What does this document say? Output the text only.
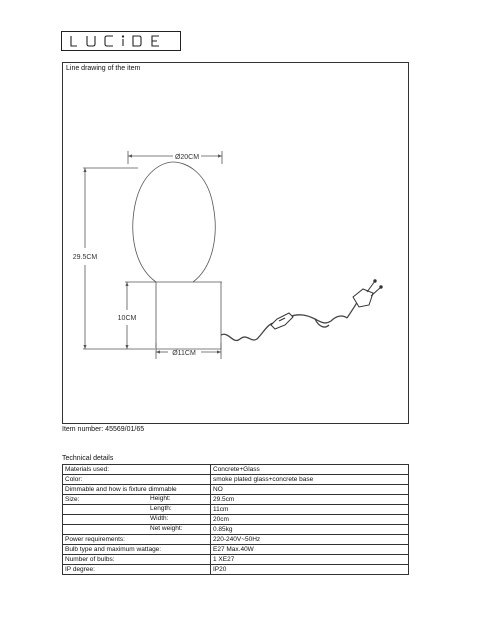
Line drawing of the item
Ø20CM
29.5CM
10CM
Ø11CM
Item number: 45569/01/65
Technical details
Materials used:	Concrete+Glass
Color:	smoke plated glass+concrete base
Dimmable and how is fixture dimmable	NO
Size: Height:	29.5cm

Length:	11cm

Width:	20cm

Net weight:	0.85kg
Power requirements:	220-240V~50Hz
Bulb type and maximum wattage:	E27 Max.40W
Number of bulbs:	1 XE27
IP degree:	IP20
